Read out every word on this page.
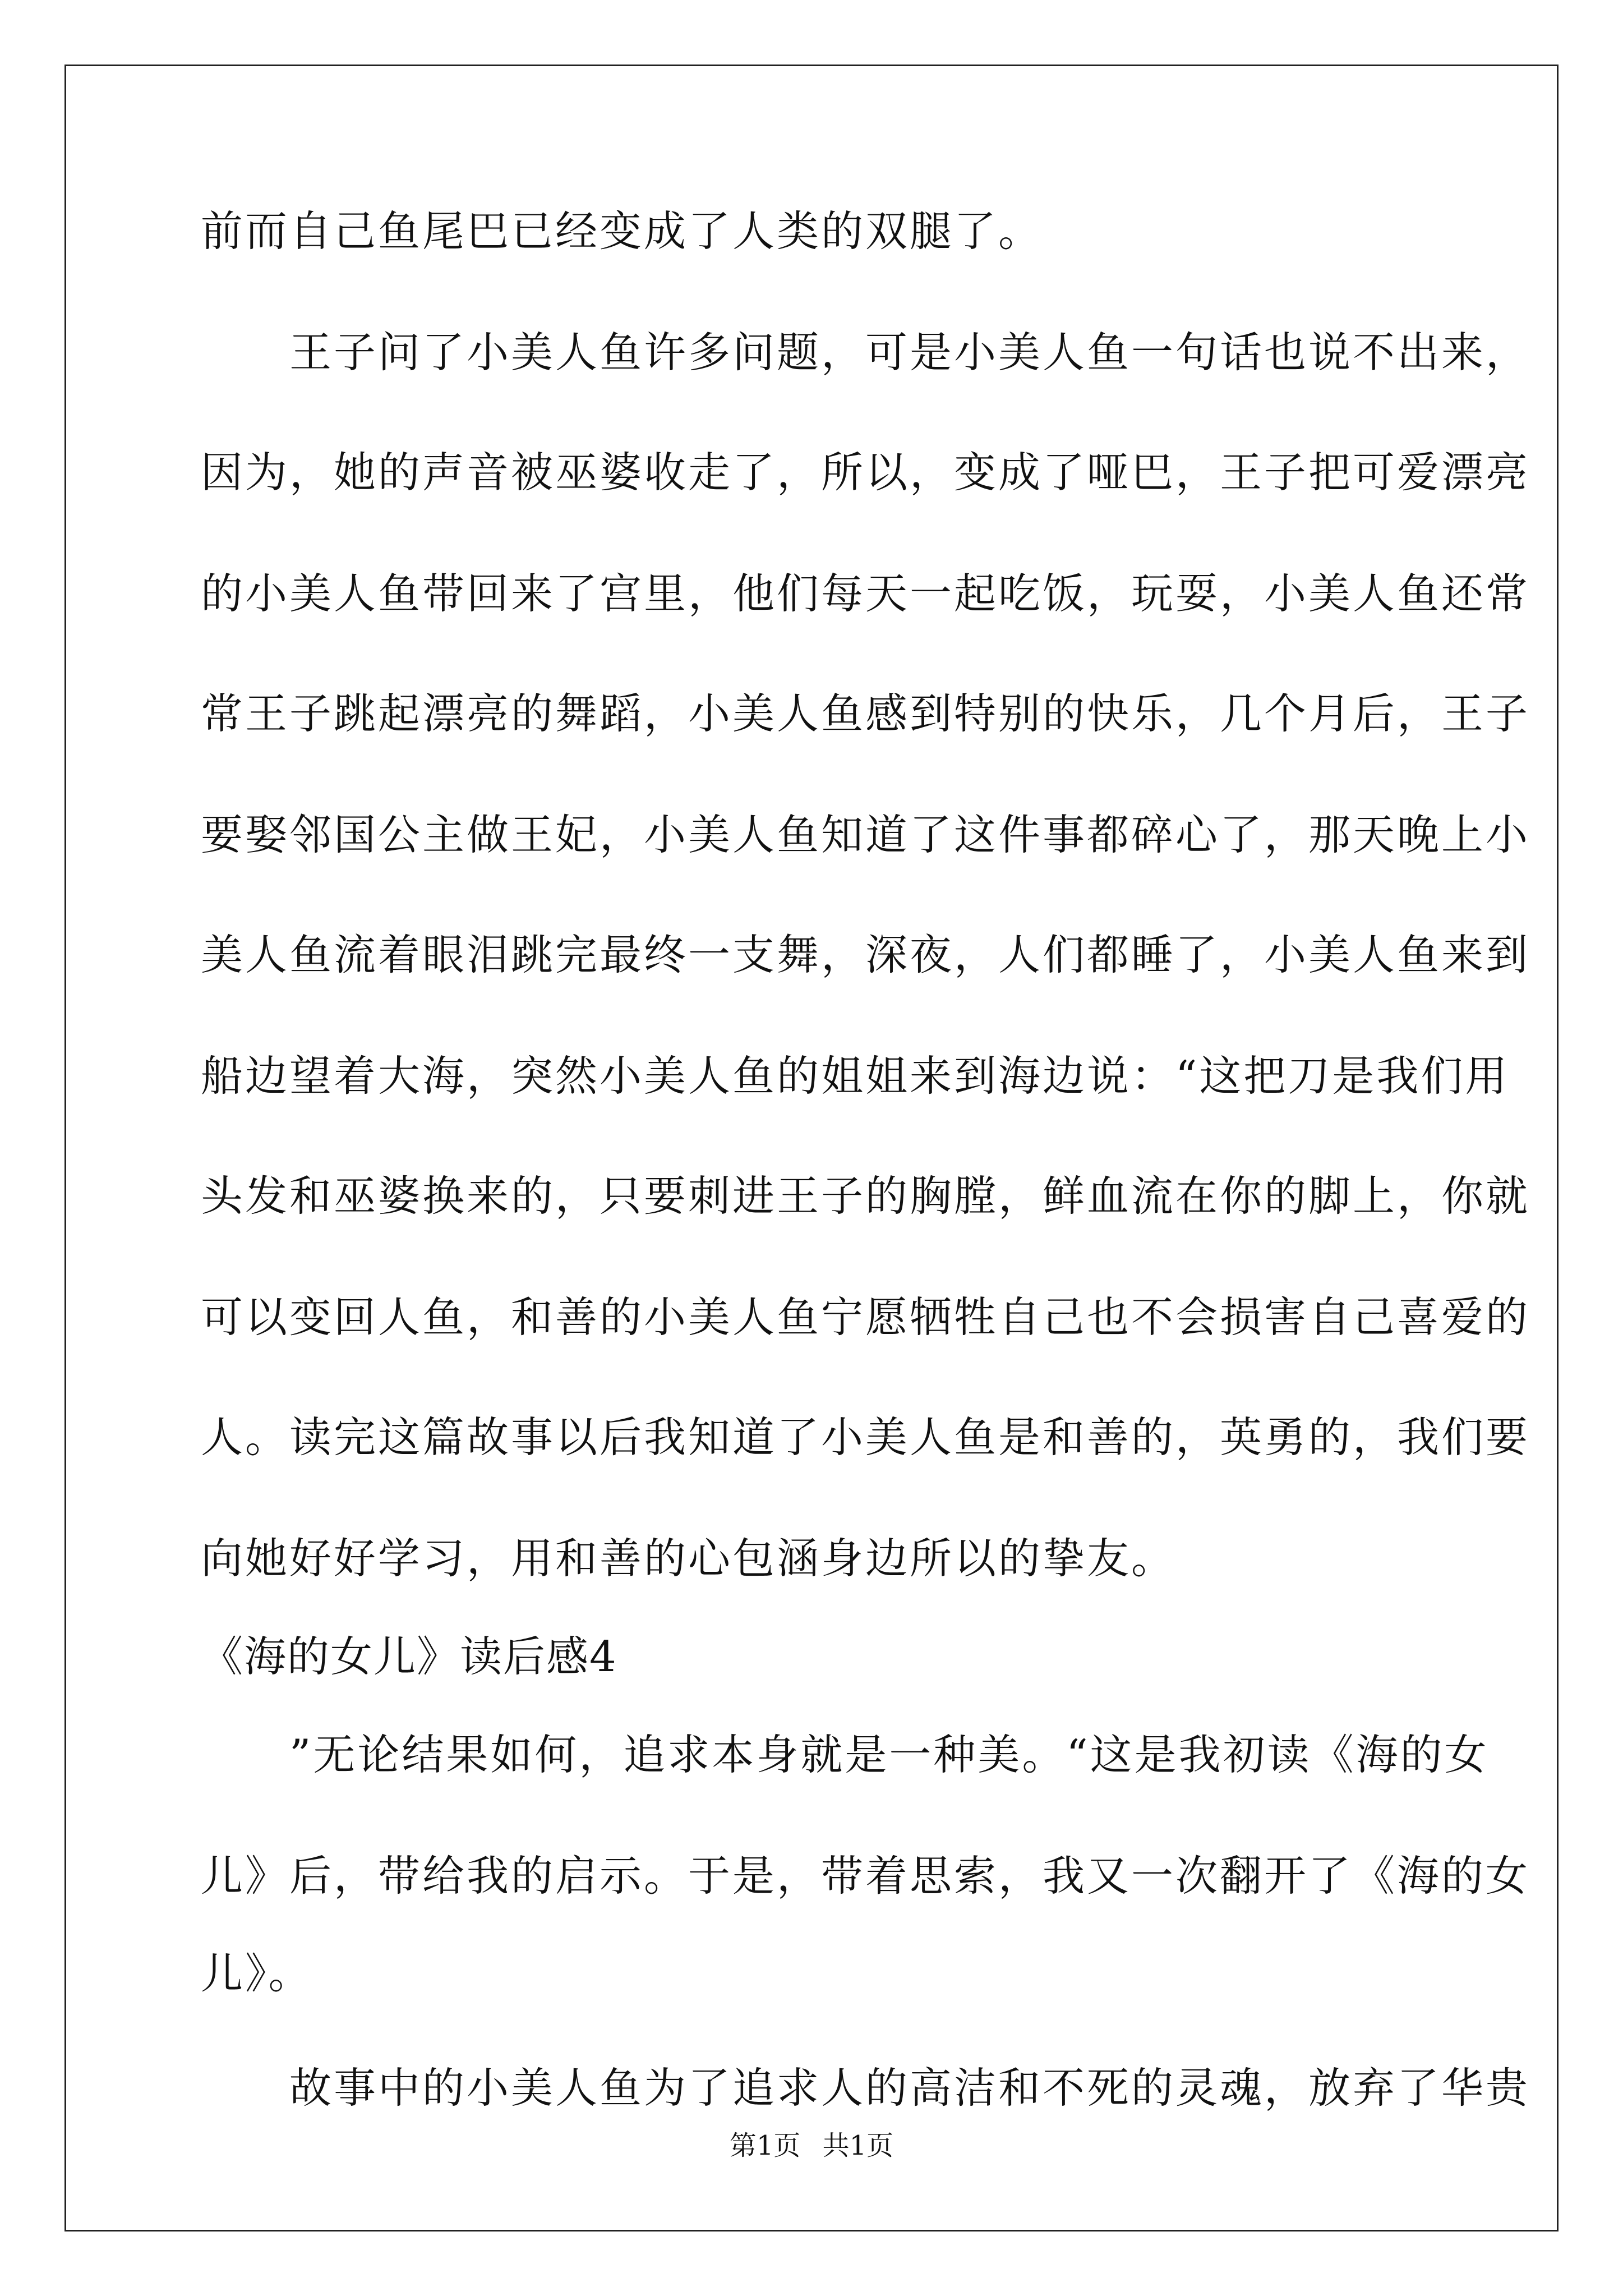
前而自己鱼尾巴已经变成了人类的双腿了。
　　王子问了小美人鱼许多问题，可是小美人鱼一句话也说不出来，
因为，她的声音被巫婆收走了，所以，变成了哑巴，王子把可爱漂亮
的小美人鱼带回来了宫里，他们每天一起吃饭，玩耍，小美人鱼还常
常王子跳起漂亮的舞蹈，小美人鱼感到特别的快乐，几个月后，王子
要娶邻国公主做王妃，小美人鱼知道了这件事都碎心了，那天晚上小
美人鱼流着眼泪跳完最终一支舞，深夜，人们都睡了，小美人鱼来到
船边望着大海，突然小美人鱼的姐姐来到海边说：“这把刀是我们用
头发和巫婆换来的，只要刺进王子的胸膛，鲜血流在你的脚上，你就
可以变回人鱼，和善的小美人鱼宁愿牺牲自己也不会损害自己喜爱的
人。读完这篇故事以后我知道了小美人鱼是和善的，英勇的，我们要
向她好好学习，用和善的心包涵身边所以的挚友。
《海的女儿》读后感4
　　”无论结果如何，追求本身就是一种美。“这是我初读《海的女
儿》后，带给我的启示。于是，带着思索，我又一次翻开了《海的女
儿》。
　　故事中的小美人鱼为了追求人的高洁和不死的灵魂，放弃了华贵
第1页 共1页
